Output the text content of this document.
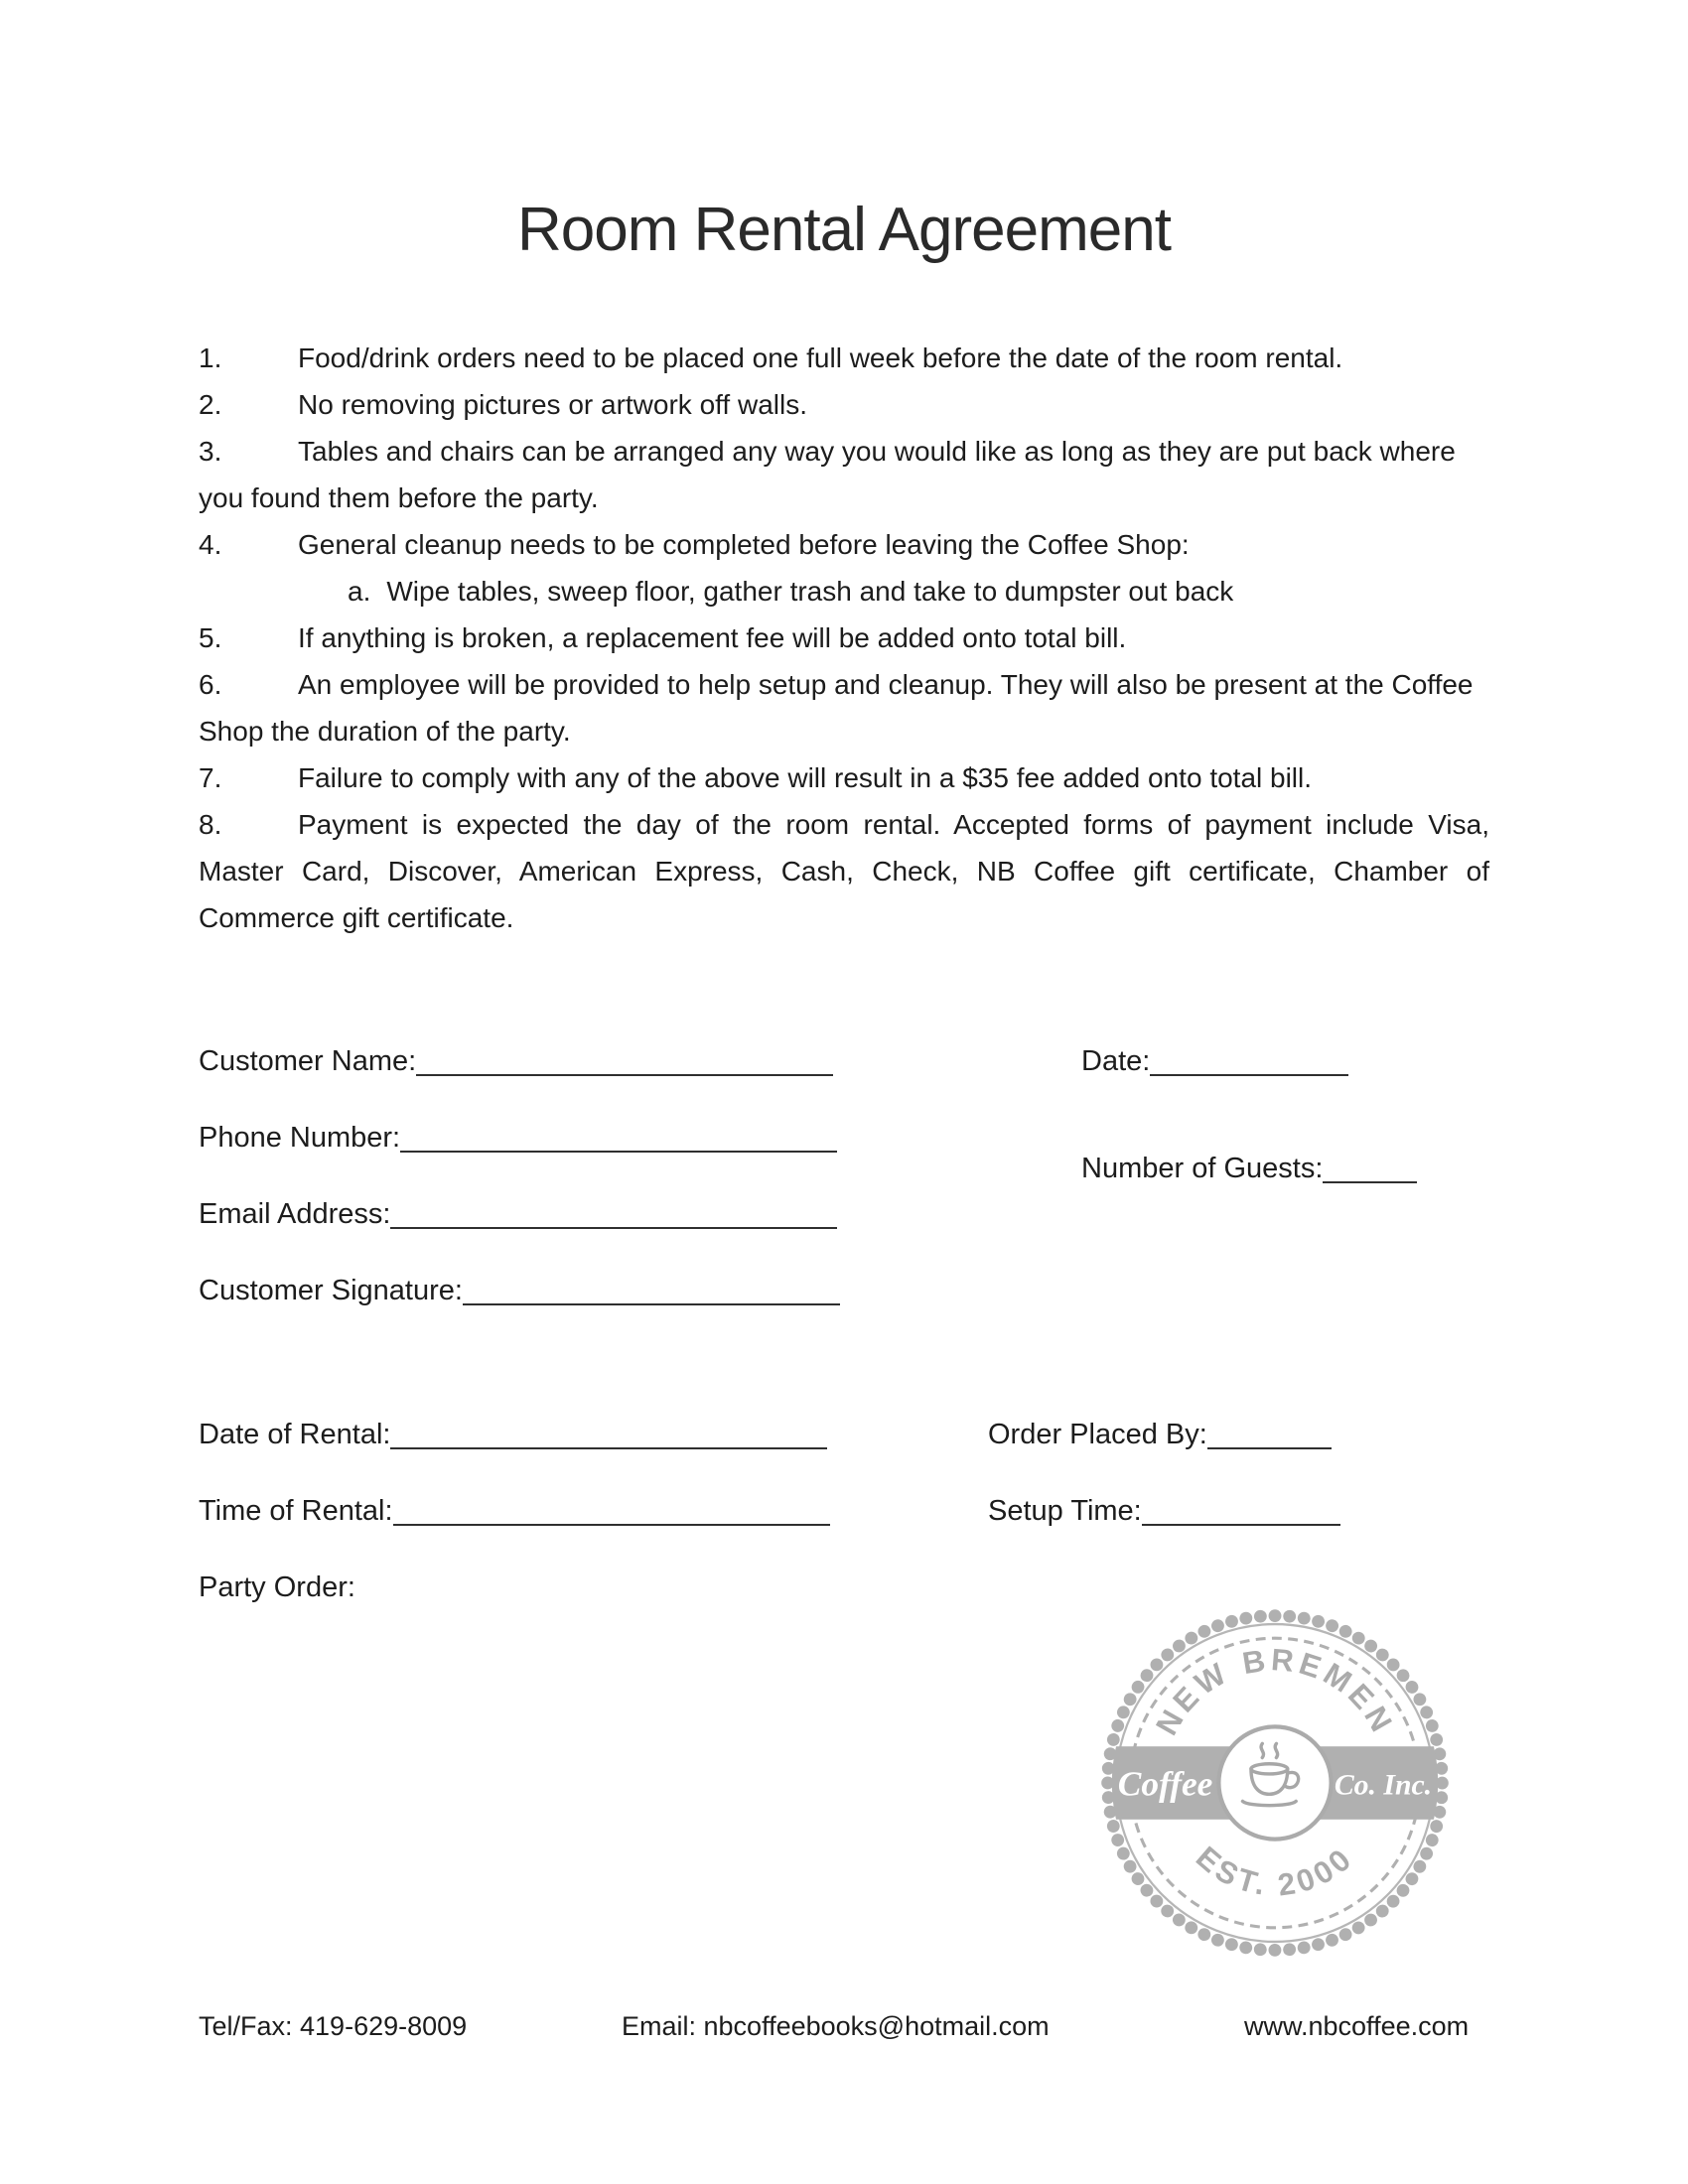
Room Rental Agreement
1.	Food/drink orders need to be placed one full week before the date of the room rental.
2.	No removing pictures or artwork off walls.
3.	Tables and chairs can be arranged any way you would like as long as they are put back where you found them before the party.
4.	General cleanup needs to be completed before leaving the Coffee Shop:
a. Wipe tables, sweep floor, gather trash and take to dumpster out back
5.	If anything is broken, a replacement fee will be added onto total bill.
6.	An employee will be provided to help setup and cleanup. They will also be present at the Coffee Shop the duration of the party.
7.	Failure to comply with any of the above will result in a $35 fee added onto total bill.
8.	Payment is expected the day of the room rental. Accepted forms of payment include Visa, Master Card, Discover, American Express, Cash, Check, NB Coffee gift certificate, Chamber of Commerce gift certificate.
Customer Name:	Date:
Phone Number:
Number of Guests:
Email Address:
Customer Signature:
Date of Rental:	Order Placed By:
Time of Rental:	Setup Time:
Party Order:
Coffee	Co. Inc.
NEW BREMEN
EST. 2000
Tel/Fax: 419-629-8009	Email: nbcoffeebooks@hotmail.com	www.nbcoffee.com
